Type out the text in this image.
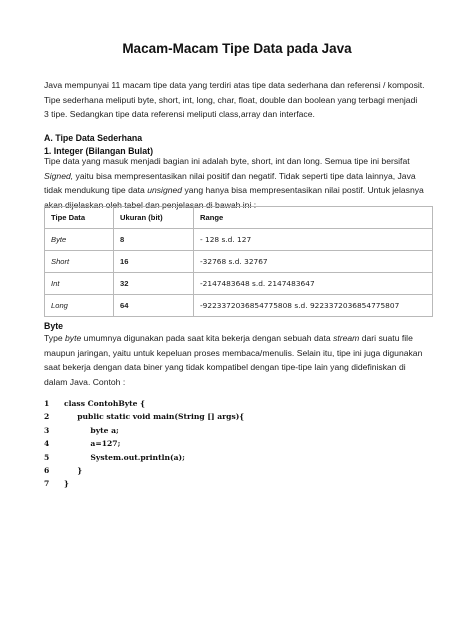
Macam-Macam Tipe Data pada Java
Java mempunyai 11 macam tipe data yang terdiri atas tipe data sederhana dan referensi / komposit.
Tipe sederhana meliputi byte, short, int, long, char, float, double dan boolean yang terbagi menjadi
3 tipe. Sedangkan tipe data referensi meliputi class,array dan interface.
A. Tipe Data Sederhana
1. Integer (Bilangan Bulat)
Tipe data yang masuk menjadi bagian ini adalah byte, short, int dan long. Semua tipe ini bersifat
Signed, yaitu bisa mempresentasikan nilai positif dan negatif. Tidak seperti tipe data lainnya, Java
tidak mendukung tipe data unsigned yang hanya bisa mempresentasikan nilai postif. Untuk jelasnya
akan dijelaskan oleh tabel dan penjelasan di bawah ini :
Tipe Data	Ukuran (bit)	Range
Byte	8	- 128 s.d. 127
Short	16	-32768 s.d. 32767
Int	32	-2147483648 s.d. 2147483647
Long	64	-9223372036854775808 s.d. 9223372036854775807
Byte
Type byte umumnya digunakan pada saat kita bekerja dengan sebuah data stream dari suatu file
maupun jaringan, yaitu untuk kepeluan proses membaca/menulis. Selain itu, tipe ini juga digunakan
saat bekerja dengan data biner yang tidak kompatibel dengan tipe-tipe lain yang didefiniskan di
dalam Java. Contoh :
1	class ContohByte {
2	public static void main(String [] args){
3	byte a;
4	a=127;
5	System.out.println(a);
6	}
7	}
